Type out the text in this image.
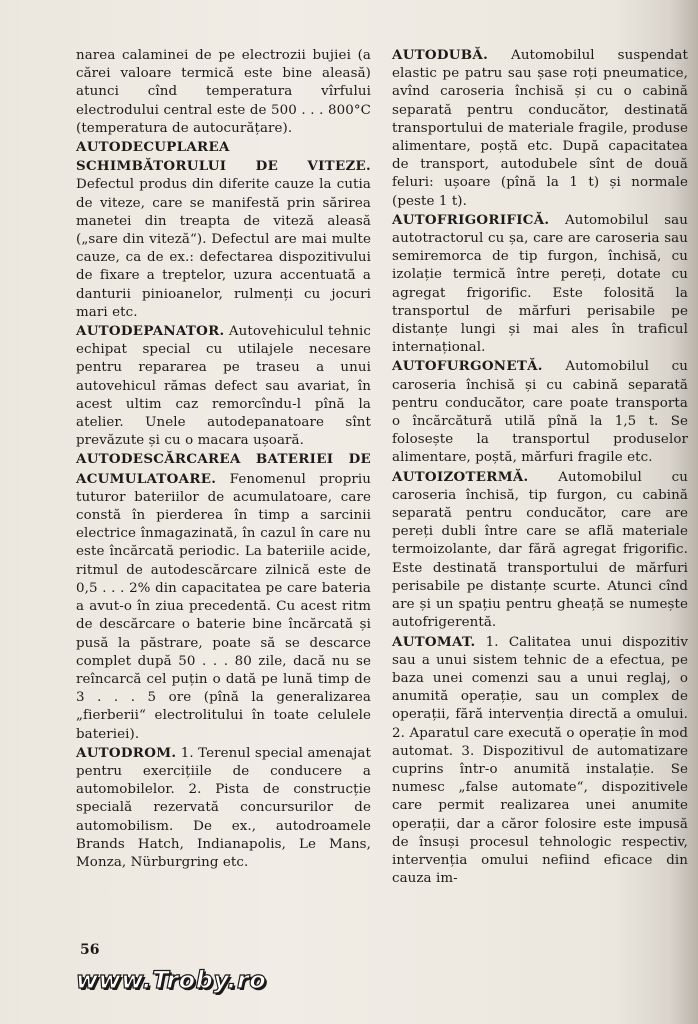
narea calaminei de pe electrozii bujiei (a cărei valoare termică este bine aleasă) atunci cînd temperatura vîrfului electrodului central este de 500 . . . 800°C (temperatura de autocurățare).

AUTODECUPLAREA SCHIMBĂTORULUI DE VITEZE. Defectul produs din diferite cauze la cutia de viteze, care se manifestă prin sărirea manetei din treapta de viteză aleasă („sare din viteză“). Defectul are mai multe cauze, ca de ex.: defectarea dispozitivului de fixare a treptelor, uzura accentuată a danturii pinioanelor, rulmenți cu jocuri mari etc.

AUTODEPANATOR. Autovehiculul tehnic echipat special cu utilajele necesare pentru repararea pe traseu a unui autovehicul rămas defect sau avariat, în acest ultim caz remorcîndu-l pînă la atelier. Unele autodepanatoare sînt prevăzute și cu o macara ușoară.

AUTODESCĂRCAREA BATERIEI DE ACUMULATOARE. Fenomenul propriu tuturor bateriilor de acumulatoare, care constă în pierderea în timp a sarcinii electrice înmagazinată, în cazul în care nu este încărcată periodic. La bateriile acide, ritmul de autodescărcare zilnică este de 0,5 . . . 2% din capacitatea pe care bateria a avut-o în ziua precedentă. Cu acest ritm de descărcare o baterie bine încărcată și pusă la păstrare, poate să se descarce complet după 50 . . . 80 zile, dacă nu se reîncarcă cel puțin o dată pe lună timp de 3 . . . 5 ore (pînă la generalizarea „fierberii“ electrolitului în toate celulele bateriei).

AUTODROM. 1. Terenul special amenajat pentru exercițiile de conducere a automobilelor. 2. Pista de construcție specială rezervată concursurilor de automobilism. De ex., autodroamele Brands Hatch, Indianapolis, Le Mans, Monza, Nürburgring etc.

AUTODUBĂ. Automobilul suspendat elastic pe patru sau șase roți pneumatice, avînd caroseria închisă și cu o cabină separată pentru conducător, destinată transportului de materiale fragile, produse alimentare, poștă etc. După capacitatea de transport, autodubele sînt de două feluri: ușoare (pînă la 1 t) și normale (peste 1 t).

AUTOFRIGORIFICĂ. Automobilul sau autotractorul cu șa, care are caroseria sau semiremorca de tip furgon, închisă, cu izolație termică între pereți, dotate cu agregat frigorific. Este folosită la transportul de mărfuri perisabile pe distanțe lungi și mai ales în traficul internațional.

AUTOFURGONETĂ. Automobilul cu caroseria închisă și cu cabină separată pentru conducător, care poate transporta o încărcătură utilă pînă la 1,5 t. Se folosește la transportul produselor alimentare, poștă, mărfuri fragile etc.

AUTOIZOTERMĂ. Automobilul cu caroseria închisă, tip furgon, cu cabină separată pentru conducător, care are pereți dubli între care se află materiale termoizolante, dar fără agregat frigorific. Este destinată transportului de mărfuri perisabile pe distanțe scurte. Atunci cînd are și un spațiu pentru gheață se numește autofrigerentă.

AUTOMAT. 1. Calitatea unui dispozitiv sau a unui sistem tehnic de a efectua, pe baza unei comenzi sau a unui reglaj, o anumită operație, sau un complex de operații, fără intervenția directă a omului. 2. Aparatul care execută o operație în mod automat. 3. Dispozitivul de automatizare cuprins într-o anumită instalație. Se numesc „false automate“, dispozitivele care permit realizarea unei anumite operații, dar a căror folosire este impusă de însuși procesul tehnologic respectiv, intervenția omului nefiind eficace din cauza im-

56
www.Troby.ro
